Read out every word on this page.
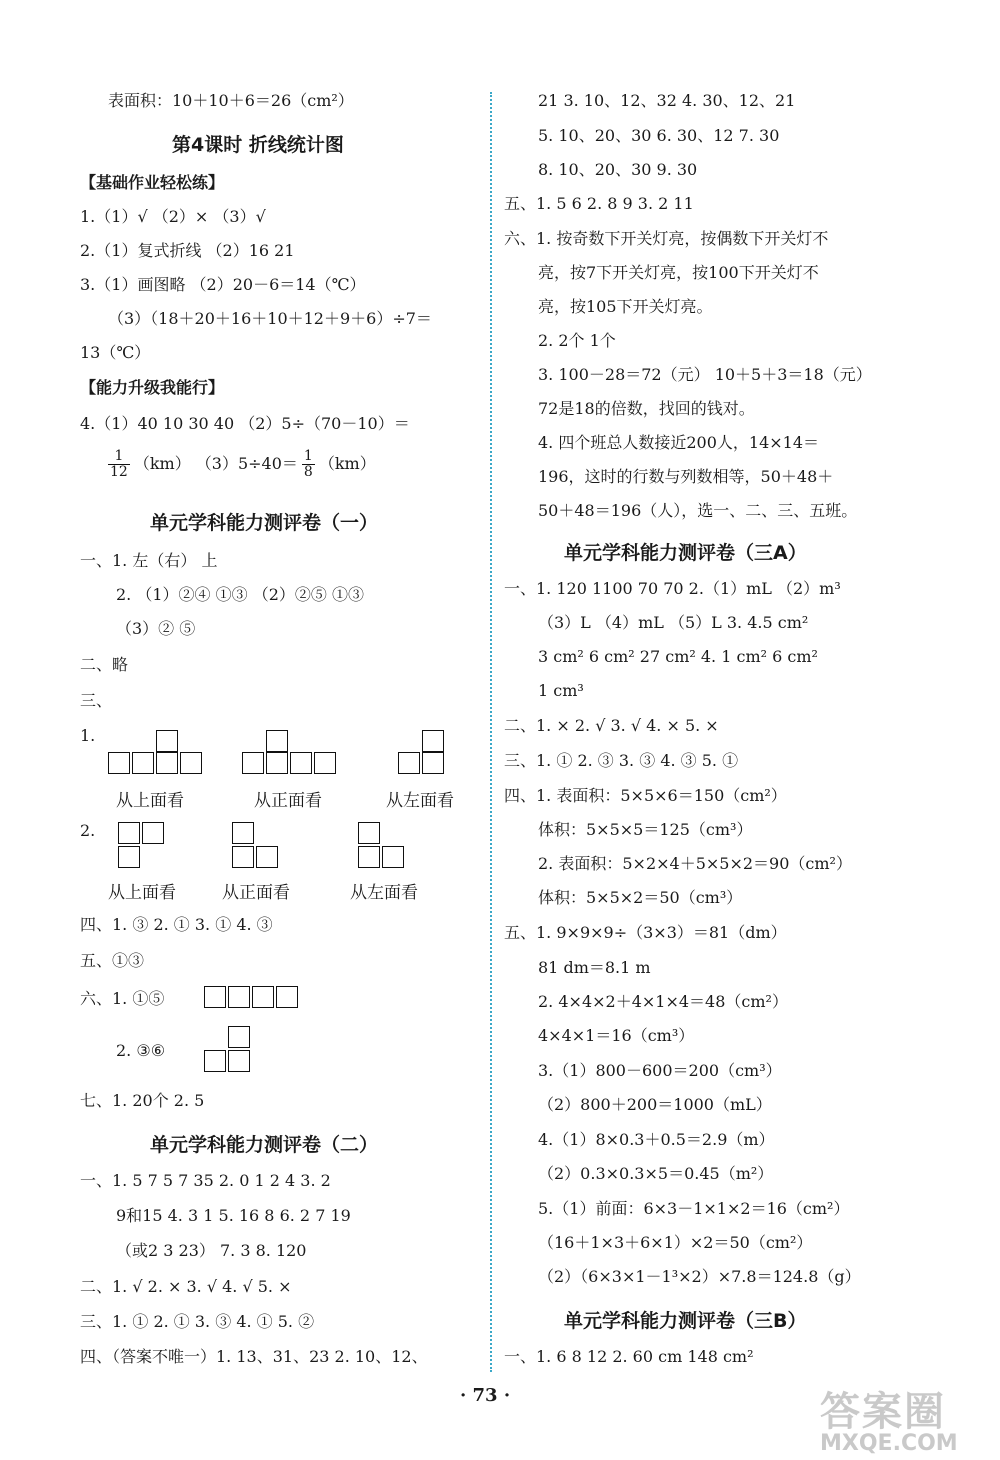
表面积：10＋10＋6＝26（cm²）
第4课时 折线统计图
【基础作业轻松练】
1.（1）√ （2）× （3）√
2.（1）复式折线 （2）16 21
3.（1）画图略 （2）20－6＝14（℃）
（3）（18＋20＋16＋10＋12＋9＋6）÷7＝
13（℃）
【能力升级我能行】
4.（1）40 10 30 40 （2）5÷（70－10）＝
$\frac{1}{12} (km)$ $(3)5\div 40= \frac{1}{8} (km)$
单元学科能力测评卷（一）
一、1. 左（右） 上
2. （1）②④ ①③ （2）②⑤ ①③
（3）② ⑤
二、略
三、
1.
从上面看	从正面看	从左面看
2.
从上面看	从正面看	从左面看
四、1. ③ 2. ① 3. ① 4. ③
五、①③
六、1. ①⑤
2. ③⑥
七、1. 20个 2. 5
单元学科能力测评卷（二）
一、1. 5 7 5 7 35 2. 0 1 2 4 3. 2
9和15 4. 3 1 5. 16 8 6. 2 7 19
（或2 3 23） 7. 3 8. 120
二、1. √ 2. × 3. √ 4. √ 5. ×
三、1. ① 2. ① 3. ③ 4. ① 5. ②
四、（答案不唯一）1. 13、31、23 2. 10、12、
21 3. 10、12、32 4. 30、12、21
5. 10、20、30 6. 30、12 7. 30
8. 10、20、30 9. 30
五、1. 5 6 2. 8 9 3. 2 11
六、1. 按奇数下开关灯亮，按偶数下开关灯不
亮，按7下开关灯亮，按100下开关灯不
亮，按105下开关灯亮。
2. 2个 1个
3. 100－28＝72（元） 10＋5＋3＝18（元）
72是18的倍数，找回的钱对。
4. 四个班总人数接近200人，14×14＝
196，这时的行数与列数相等，50＋48＋
50＋48＝196（人），选一、二、三、五班。
单元学科能力测评卷（三A）
一、1. 120 1100 70 70 2.（1）mL （2）m³
（3）L （4）mL （5）L 3. 4.5 cm²
3 cm² 6 cm² 27 cm² 4. 1 cm² 6 cm²
1 cm³
二、1. × 2. √ 3. √ 4. × 5. ×
三、1. ① 2. ③ 3. ③ 4. ③ 5. ①
四、1. 表面积：5×5×6＝150（cm²）
体积：5×5×5＝125（cm³）
2. 表面积：5×2×4＋5×5×2＝90（cm²）
体积：5×5×2＝50（cm³）
五、1. 9×9×9÷（3×3）＝81（dm）
81 dm＝8.1 m
2. 4×4×2＋4×1×4＝48（cm²）
4×4×1＝16（cm³）
3.（1）800－600＝200（cm³）
（2）800＋200＝1000（mL）
4.（1）8×0.3＋0.5＝2.9（m）
（2）0.3×0.3×5＝0.45（m²）
5.（1）前面：6×3－1×1×2＝16（cm²）
（16＋1×3＋6×1）×2＝50（cm²）
（2）（6×3×1－1³×2）×7.8＝124.8（g）
单元学科能力测评卷（三B）
一、1. 6 8 12 2. 60 cm 148 cm²
· 73 ·	答案圈
MXQE.COM
